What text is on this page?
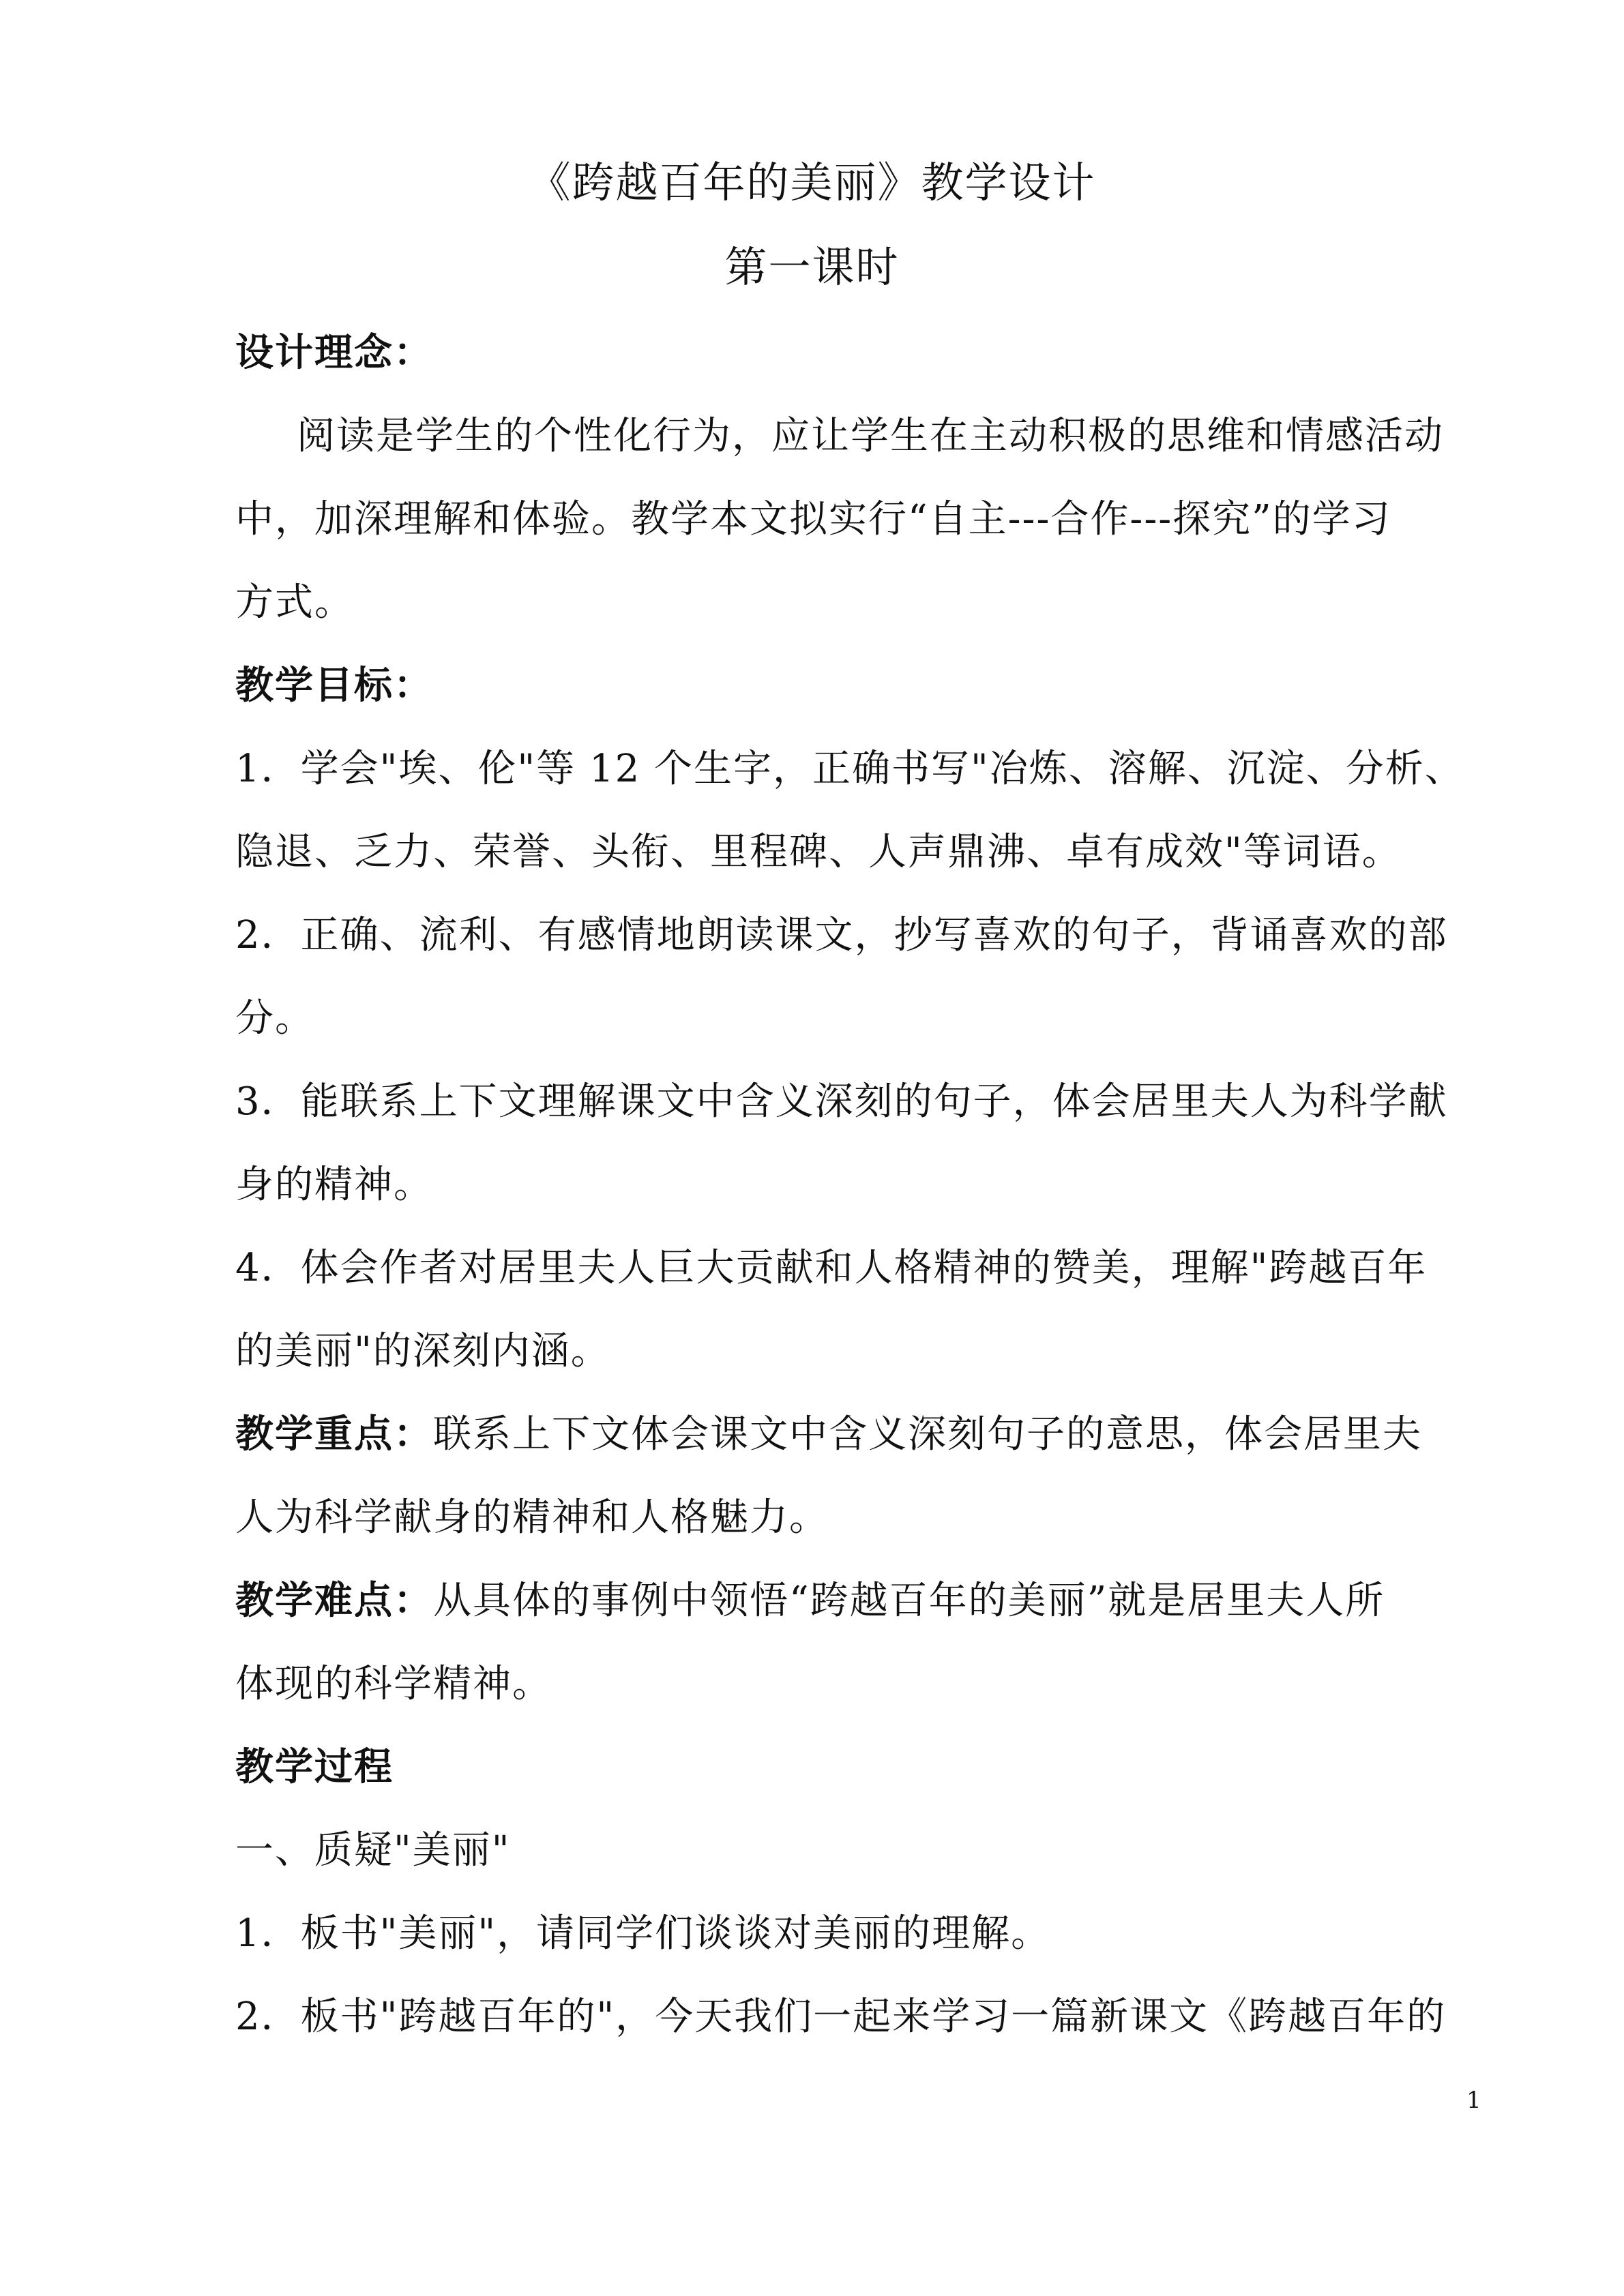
《跨越百年的美丽》教学设计
第一课时
设计理念：
阅读是学生的个性化行为，应让学生在主动积极的思维和情感活动
中，加深理解和体验。教学本文拟实行“自主---合作---探究”的学习
方式。
教学目标：
1．学会"埃、伦"等 12 个生字，正确书写"冶炼、溶解、沉淀、分析、
隐退、乏力、荣誉、头衔、里程碑、人声鼎沸、卓有成效"等词语。
2．正确、流利、有感情地朗读课文，抄写喜欢的句子，背诵喜欢的部
分。
3．能联系上下文理解课文中含义深刻的句子，体会居里夫人为科学献
身的精神。
4．体会作者对居里夫人巨大贡献和人格精神的赞美，理解"跨越百年
的美丽"的深刻内涵。
教学重点：联系上下文体会课文中含义深刻句子的意思，体会居里夫
人为科学献身的精神和人格魅力。
教学难点：从具体的事例中领悟“跨越百年的美丽”就是居里夫人所
体现的科学精神。
教学过程
一、质疑"美丽"
1．板书"美丽"，请同学们谈谈对美丽的理解。
2．板书"跨越百年的"，今天我们一起来学习一篇新课文《跨越百年的
1
